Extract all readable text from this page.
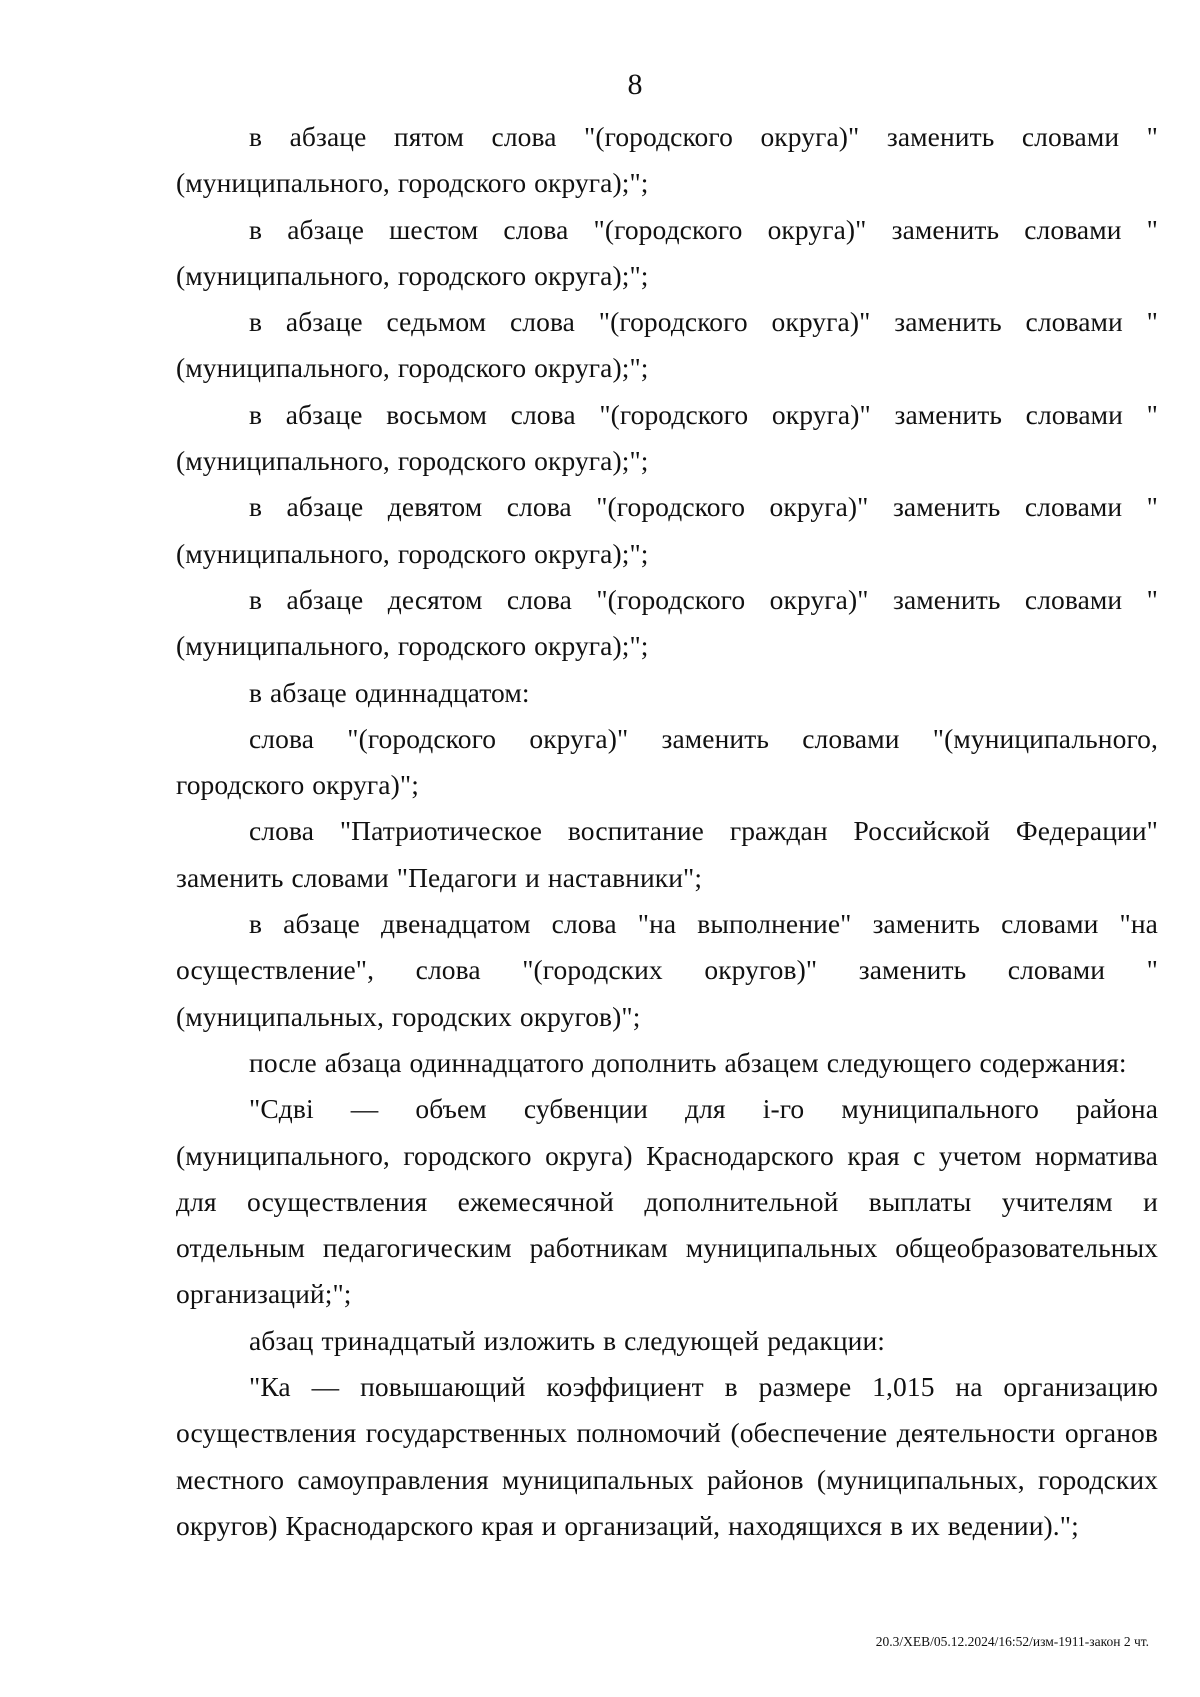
8

в абзаце пятом слова "(городского округа)" заменить словами "(муниципального, городского округа);";

в абзаце шестом слова "(городского округа)" заменить словами "(муниципального, городского округа);";

в абзаце седьмом слова "(городского округа)" заменить словами "(муниципального, городского округа);";

в абзаце восьмом слова "(городского округа)" заменить словами "(муниципального, городского округа);";

в абзаце девятом слова "(городского округа)" заменить словами "(муниципального, городского округа);";

в абзаце десятом слова "(городского округа)" заменить словами "(муниципального, городского округа);";

в абзаце одиннадцатом:

слова "(городского округа)" заменить словами "(муниципального, городского округа)";

слова "Патриотическое воспитание граждан Российской Федерации" заменить словами "Педагоги и наставники";

в абзаце двенадцатом слова "на выполнение" заменить словами "на осуществление", слова "(городских округов)" заменить словами "(муниципальных, городских округов)";

после абзаца одиннадцатого дополнить абзацем следующего содержания:

"Сдвi — объем субвенции для i-го муниципального района (муниципального, городского округа) Краснодарского края с учетом норматива для осуществления ежемесячной дополнительной выплаты учителям и отдельным педагогическим работникам муниципальных общеобразовательных организаций;";

абзац тринадцатый изложить в следующей редакции:

"Ка — повышающий коэффициент в размере 1,015 на организацию осуществления государственных полномочий (обеспечение деятельности органов местного самоуправления муниципальных районов (муниципальных, городских округов) Краснодарского края и организаций, находящихся в их ведении).";

20.3/ХЕВ/05.12.2024/16:52/изм-1911-закон 2 чт.
